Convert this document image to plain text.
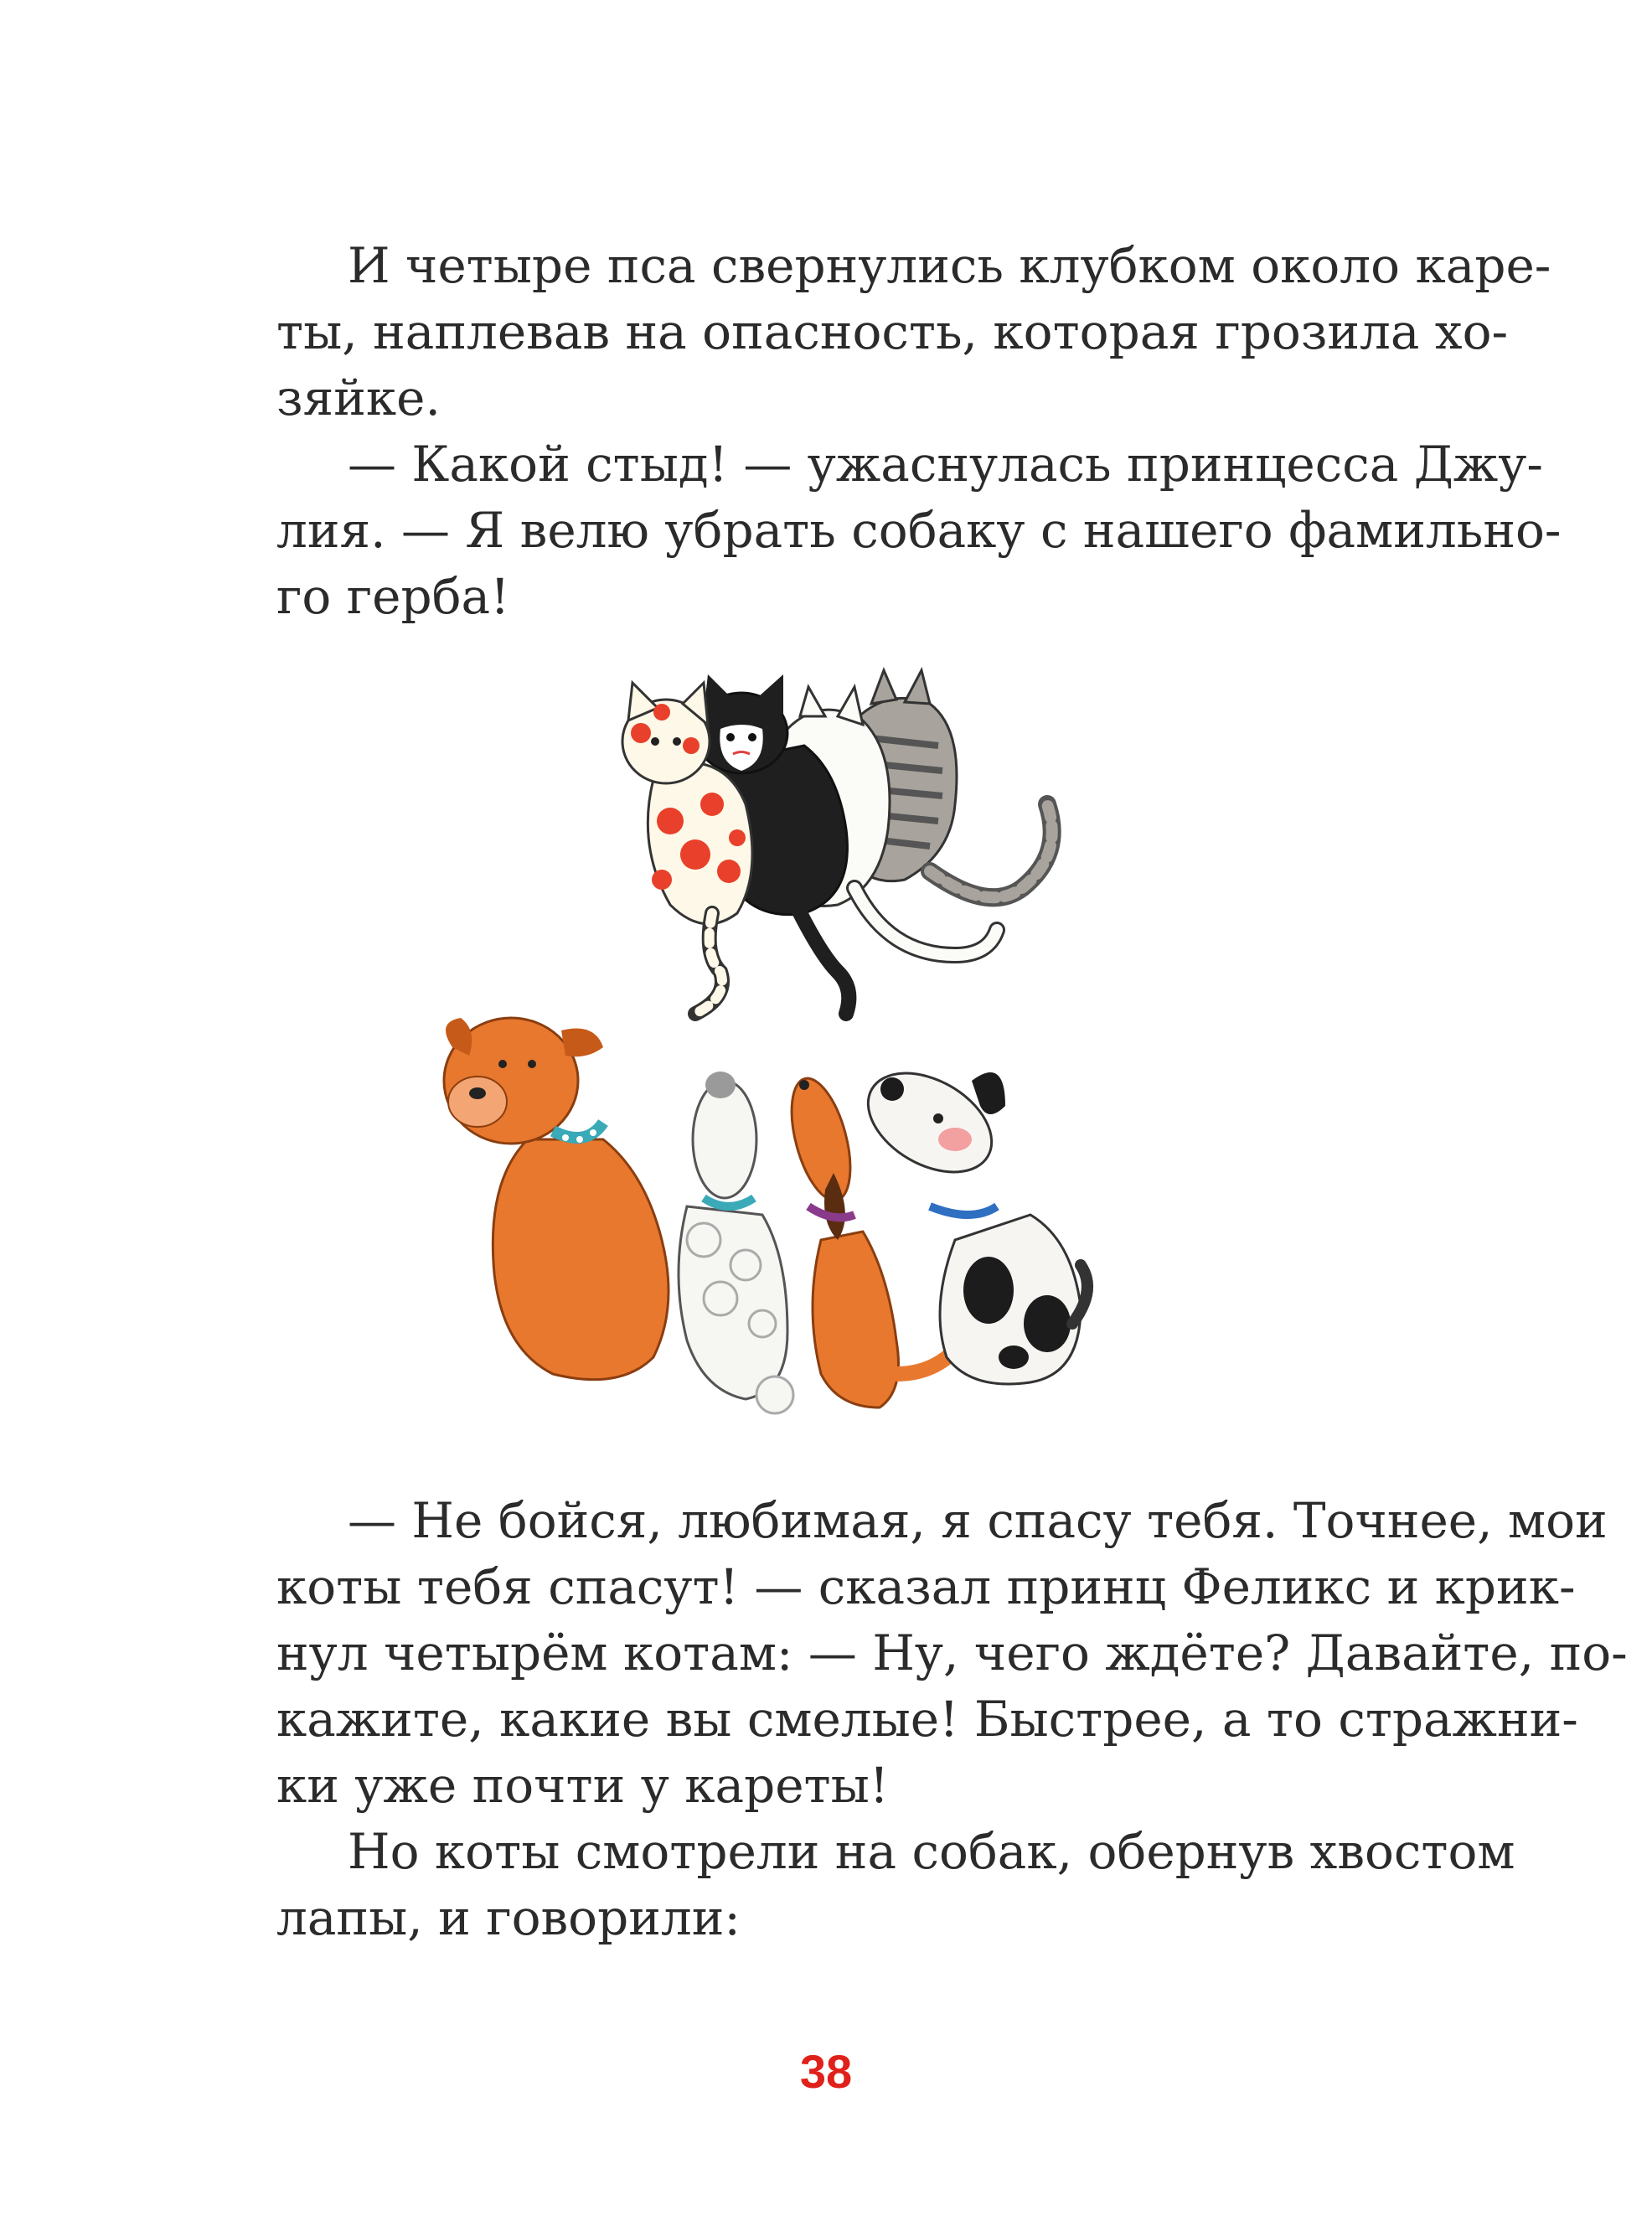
И четыре пса свернулись клубком около каре-
ты, наплевав на опасность, которая грозила хо-
зяйке.

— Какой стыд! — ужаснулась принцесса Джу-
лия. — Я велю убрать собаку с нашего фамильно-
го герба!

— Не бойся, любимая, я спасу тебя. Точнее, мои
коты тебя спасут! — сказал принц Феликс и крик-
нул четырём котам: — Ну, чего ждёте? Давайте, по-
кажите, какие вы смелые! Быстрее, а то стражни-
ки уже почти у кареты!

Но коты смотрели на собак, обернув хвостом
лапы, и говорили:

38
